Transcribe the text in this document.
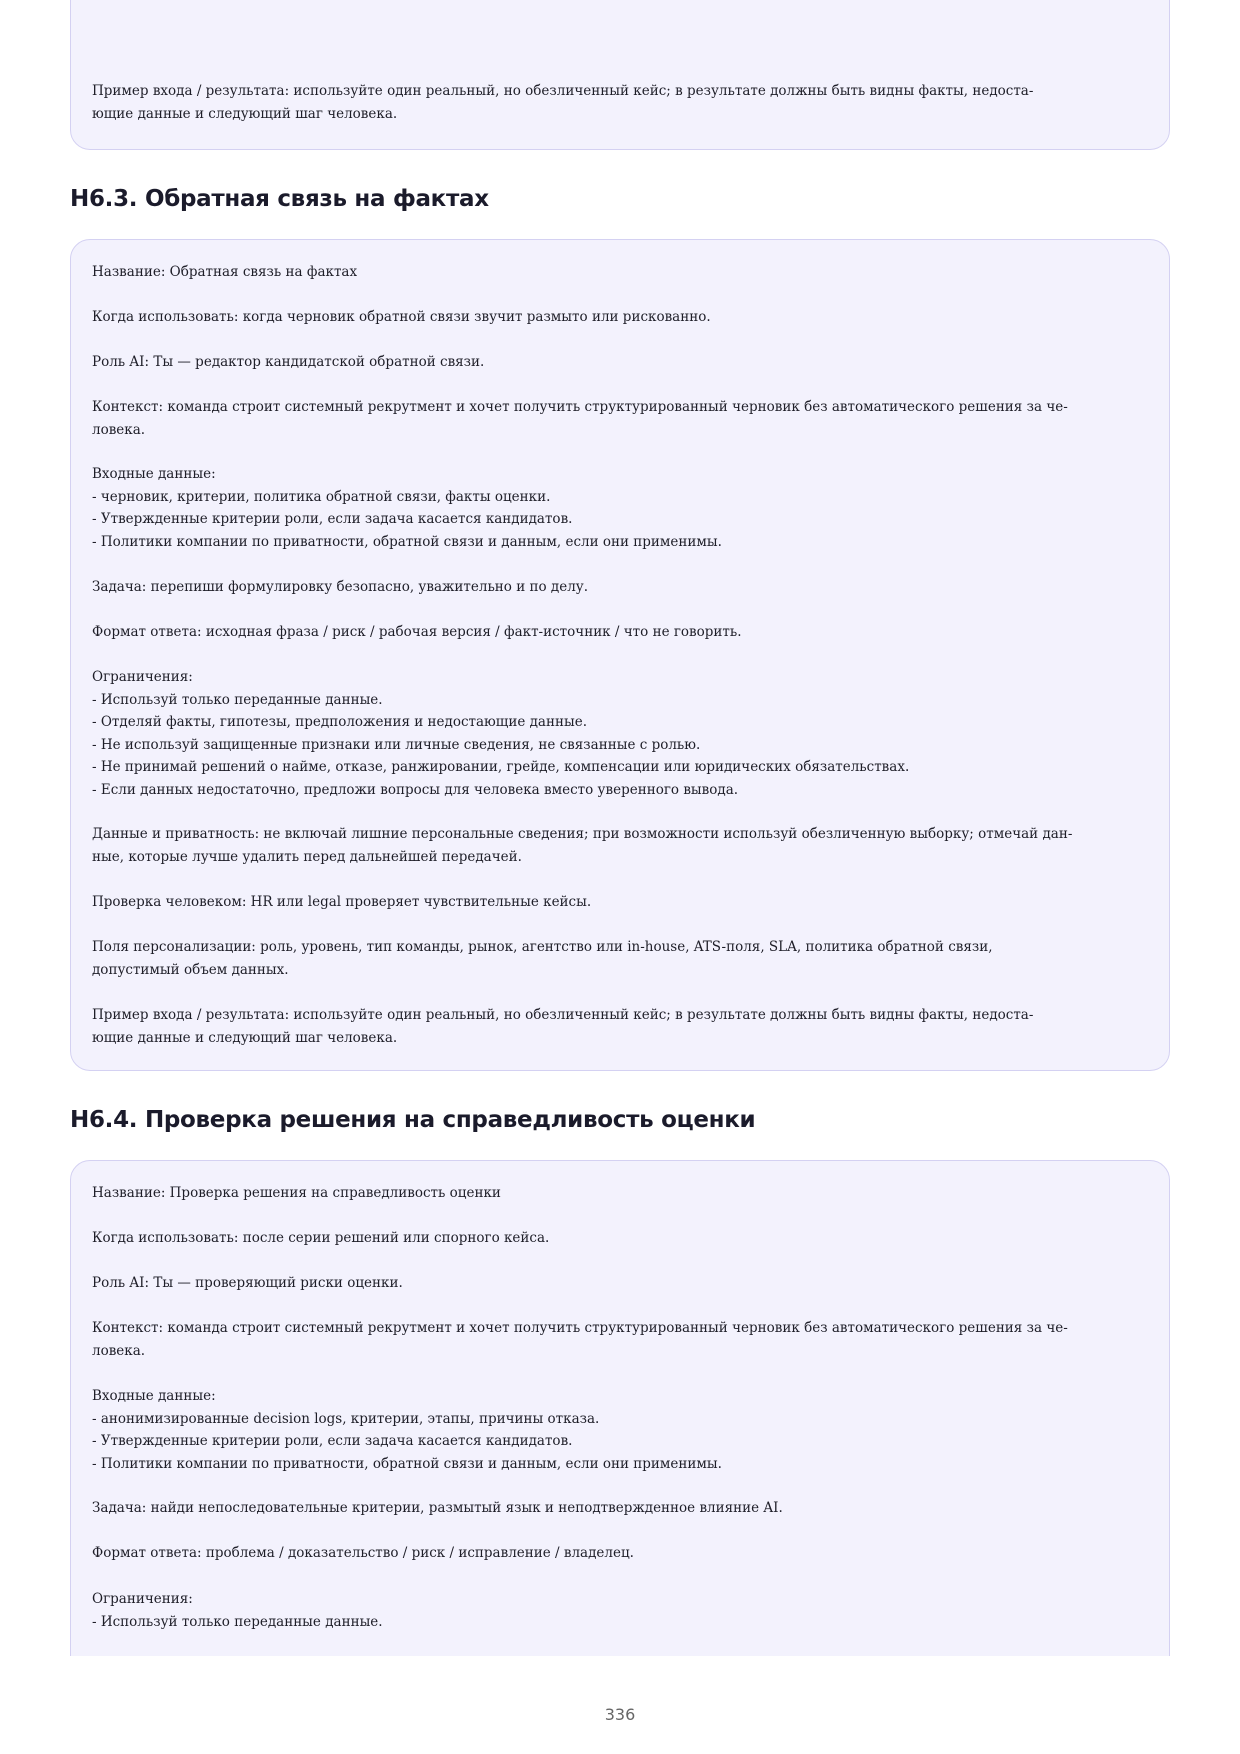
Пример входа / результата: используйте один реальный, но обезличенный кейс; в результате должны быть видны факты, недоста-
ющие данные и следующий шаг человека.
H6.3. Обратная связь на фактах
Название: Обратная связь на фактах
Когда использовать: когда черновик обратной связи звучит размыто или рискованно.
Роль AI: Ты — редактор кандидатской обратной связи.
Контекст: команда строит системный рекрутмент и хочет получить структурированный черновик без автоматического решения за че-
ловека.
Входные данные:
- черновик, критерии, политика обратной связи, факты оценки.
- Утвержденные критерии роли, если задача касается кандидатов.
- Политики компании по приватности, обратной связи и данным, если они применимы.
Задача: перепиши формулировку безопасно, уважительно и по делу.
Формат ответа: исходная фраза / риск / рабочая версия / факт-источник / что не говорить.
Ограничения:
- Используй только переданные данные.
- Отделяй факты, гипотезы, предположения и недостающие данные.
- Не используй защищенные признаки или личные сведения, не связанные с ролью.
- Не принимай решений о найме, отказе, ранжировании, грейде, компенсации или юридических обязательствах.
- Если данных недостаточно, предложи вопросы для человека вместо уверенного вывода.
Данные и приватность: не включай лишние персональные сведения; при возможности используй обезличенную выборку; отмечай дан-
ные, которые лучше удалить перед дальнейшей передачей.
Проверка человеком: HR или legal проверяет чувствительные кейсы.
Поля персонализации: роль, уровень, тип команды, рынок, агентство или in-house, ATS-поля, SLA, политика обратной связи,
допустимый объем данных.
Пример входа / результата: используйте один реальный, но обезличенный кейс; в результате должны быть видны факты, недоста-
ющие данные и следующий шаг человека.
H6.4. Проверка решения на справедливость оценки
Название: Проверка решения на справедливость оценки
Когда использовать: после серии решений или спорного кейса.
Роль AI: Ты — проверяющий риски оценки.
Контекст: команда строит системный рекрутмент и хочет получить структурированный черновик без автоматического решения за че-
ловека.
Входные данные:
- анонимизированные decision logs, критерии, этапы, причины отказа.
- Утвержденные критерии роли, если задача касается кандидатов.
- Политики компании по приватности, обратной связи и данным, если они применимы.
Задача: найди непоследовательные критерии, размытый язык и неподтвержденное влияние AI.
Формат ответа: проблема / доказательство / риск / исправление / владелец.
Ограничения:
- Используй только переданные данные.
336
